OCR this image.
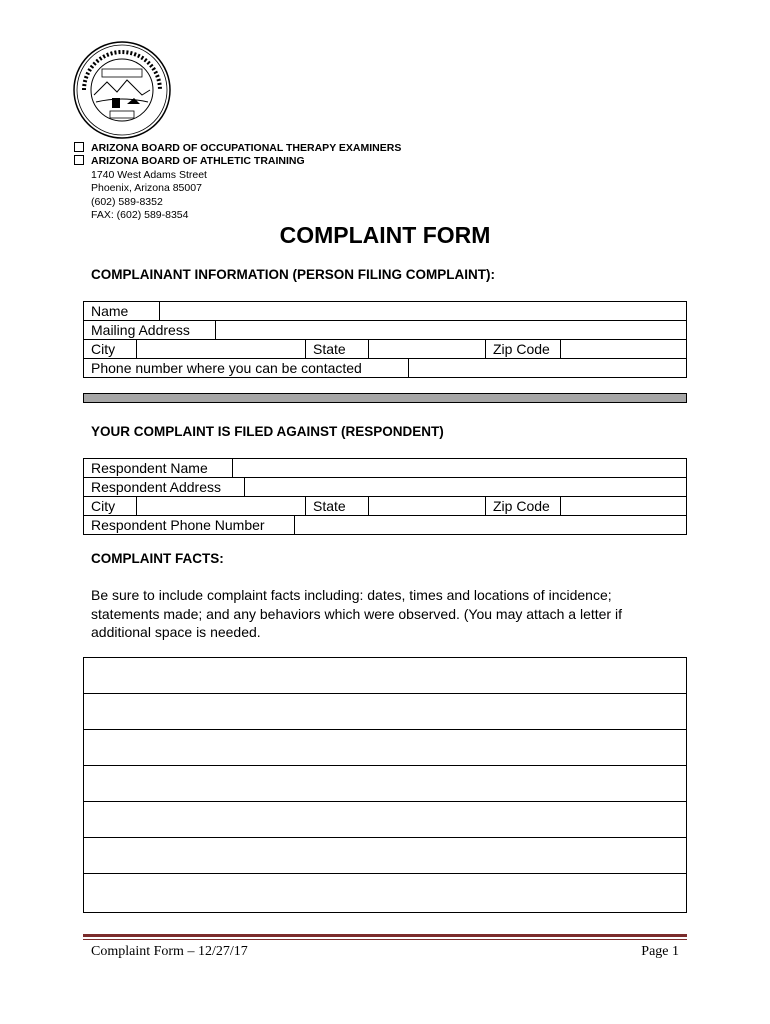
ARIZONA BOARD OF OCCUPATIONAL THERAPY EXAMINERS
ARIZONA BOARD OF ATHLETIC TRAINING
1740 West Adams Street
Phoenix, Arizona 85007
(602) 589-8352
FAX: (602) 589-8354
COMPLAINT FORM
COMPLAINANT INFORMATION (PERSON FILING COMPLAINT):
Name
Mailing Address
City	State	Zip Code
Phone number where you can be contacted
YOUR COMPLAINT IS FILED AGAINST (RESPONDENT)
Respondent Name
Respondent Address
City	State	Zip Code
Respondent Phone Number
COMPLAINT FACTS:
Be sure to include complaint facts including: dates, times and locations of incidence; statements made; and any behaviors which were observed. (You may attach a letter if additional space is needed.
Complaint Form – 12/27/17	Page 1
